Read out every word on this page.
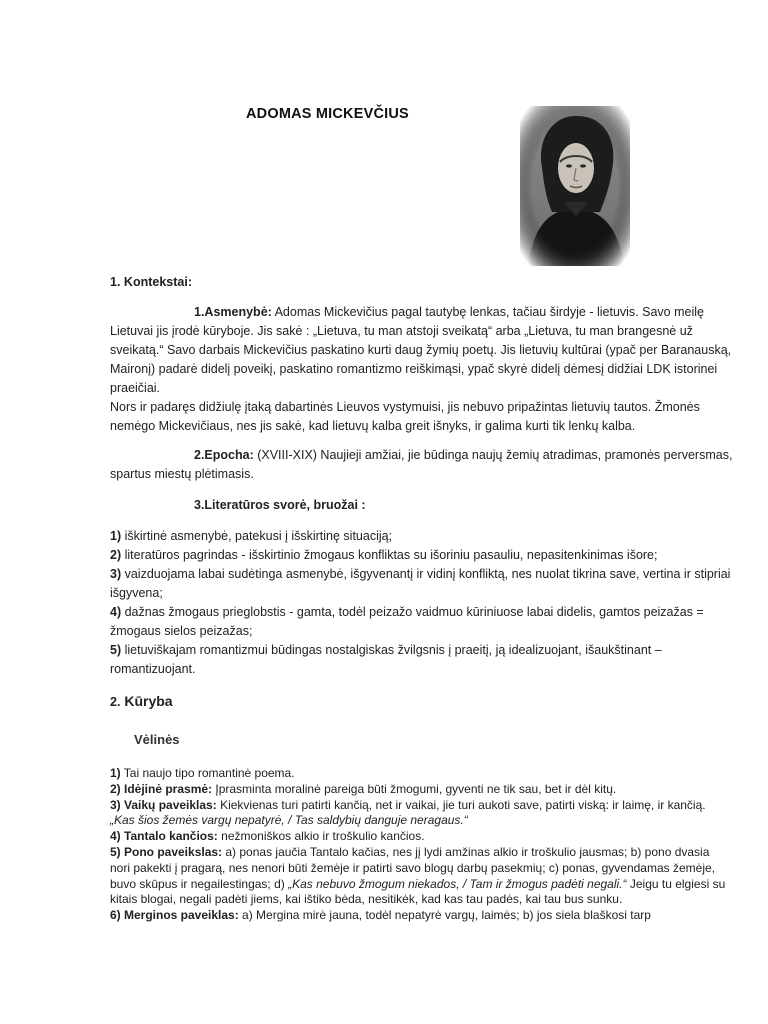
ADOMAS MICKEVČIUS
1. Kontekstai:

1.Asmenybė: Adomas Mickevičius pagal tautybę lenkas, tačiau širdyje - lietuvis. Savo meilę Lietuvai jis įrodė kūryboje. Jis sakė : „Lietuva, tu man atstoji sveikatą“ arba „Lietuva, tu man brangesnė už sveikatą.“ Savo darbais Mickevičius paskatino kurti daug žymių poetų. Jis lietuvių kultūrai (ypač per Baranauską, Maironį) padarė didelį poveikį, paskatino romantizmo reiškimąsi, ypač skyrė didelį dėmesį didžiai LDK istorinei praeičiai.

Nors ir padaręs didžiulę įtaką dabartinės Lieuvos vystymuisi, jis nebuvo pripažintas lietuvių tautos. Žmonės nemėgo Mickevičiaus, nes jis sakė, kad lietuvų kalba greit išnyks, ir galima kurti tik lenkų kalba.

2.Epocha: (XVIII-XIX) Naujieji amžiai, jie būdinga naujų žemių atradimas, pramonės perversmas, spartus miestų plėtimasis.

3.Literatūros svorė, bruožai :

1) iškirtinė asmenybė, patekusi į išskirtinę situaciją;

2) literatūros pagrindas - išskirtinio žmogaus konfliktas su išoriniu pasauliu, nepasitenkinimas išore;

3) vaizduojama labai sudėtinga asmenybė, išgyvenantį ir vidinį konfliktą, nes nuolat tikrina save, vertina ir stipriai išgyvena;

4) dažnas žmogaus prieglobstis - gamta, todėl peizažo vaidmuo kūriniuose labai didelis, gamtos peizažas = žmogaus sielos peizažas;

5) lietuviškajam romantizmui būdingas nostalgiskas žvilgsnis į praeitį, ją idealizuojant, išaukštinant – romantizuojant.

2. Kūryba
Vėlinės

1) Tai naujo tipo romantinė poema.

2) Idėjinė prasmė: Įprasminta moralinė pareiga būti žmogumi, gyventi ne tik sau, bet ir dėl kitų.

3) Vaikų paveiklas: Kiekvienas turi patirti kančią, net ir vaikai, jie turi aukoti save, patirti viską: ir laimę, ir kančią. „Kas šios žemės vargų nepatyrė, / Tas saldybių danguje neragaus.“

4) Tantalo kančios: nežmoniškos alkio ir troškulio kančios.

5) Pono paveikslas: a) ponas jaučia Tantalo kačias, nes jį lydi amžinas alkio ir troškulio jausmas; b) pono dvasia nori pakekti į pragarą, nes nenori būti žemėje ir patirti savo blogų darbų pasekmių; c) ponas, gyvendamas žemėje, buvo skūpus ir negailestingas; d) „Kas nebuvo žmogum niekados, / Tam ir žmogus padėti negali.“ Jeigu tu elgiesi su kitais blogai, negali padėti jiems, kai ištiko bėda, nesitikėk, kad kas tau padės, kai tau bus sunku.

6) Merginos paveiklas: a) Mergina mirė jauna, todėl nepatyrė vargų, laimės; b) jos siela blaškosi tarp
